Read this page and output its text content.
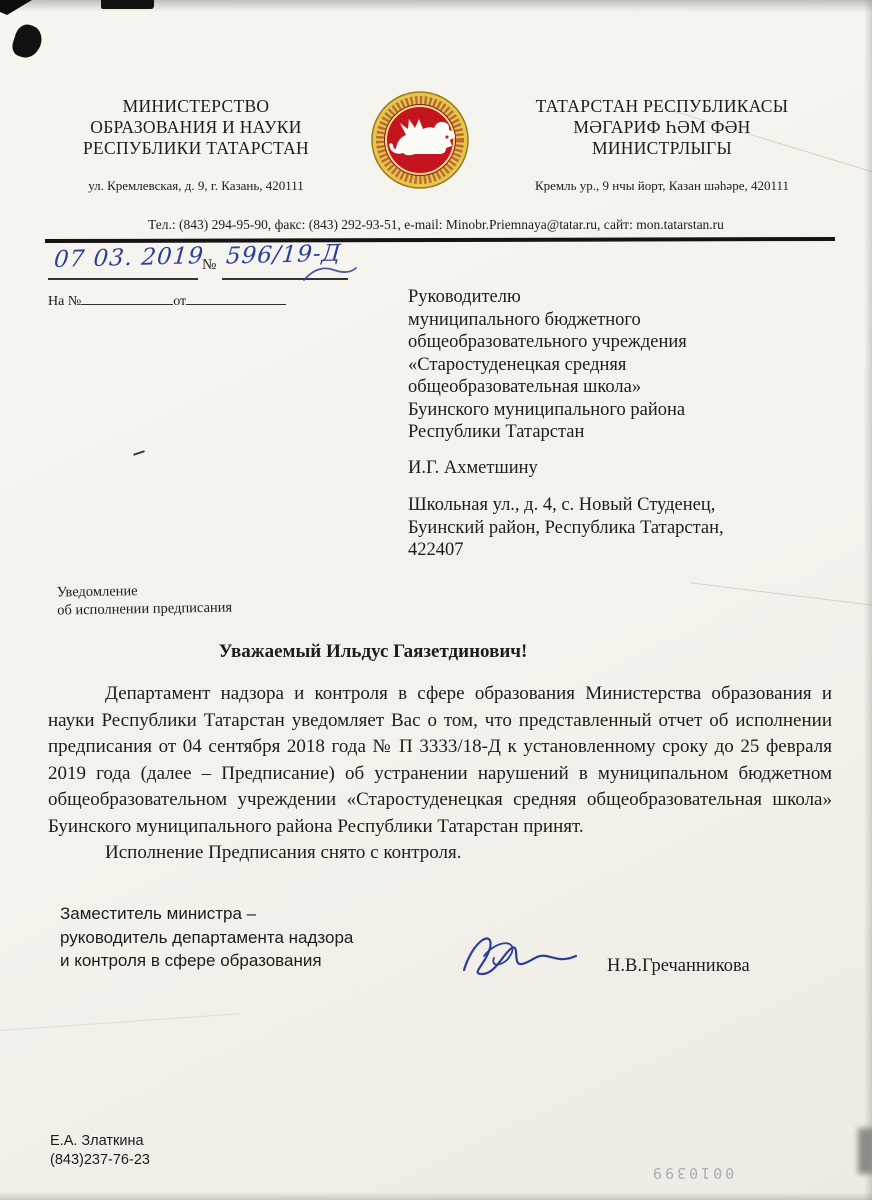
МИНИСТЕРСТВО
ОБРАЗОВАНИЯ И НАУКИ
РЕСПУБЛИКИ ТАТАРСТАН
ул. Кремлевская, д. 9, г. Казань, 420111
ТАТАРСТАН РЕСПУБЛИКАСЫ
МӘГАРИФ ҺӘМ ФӘН
МИНИСТРЛЫГЫ
Кремль ур., 9 нчы йорт, Казан шәһәре, 420111
Тел.: (843) 294-95-90, факс: (843) 292-93-51, e-mail: Minobr.Priemnaya@tatar.ru, сайт: mon.tatarstan.ru
07 03. 2019
№ 596/19-Д
На №	от	Руководителю
муниципального бюджетного
общеобразовательного учреждения
«Старостуденецкая средняя
общеобразовательная школа»
Буинского муниципального района
Республики Татарстан
И.Г. Ахметшину
Школьная ул., д. 4, с. Новый Студенец,
Буинский район, Республика Татарстан,
422407
Уведомление
об исполнении предписания
Уважаемый Ильдус Гаязетдинович!

Департамент надзора и контроля в сфере образования Министерства образования и науки Республики Татарстан уведомляет Вас о том, что представленный отчет об исполнении предписания от 04 сентября 2018 года № П 3333/18-Д к установленному сроку до 25 февраля 2019 года (далее – Предписание) об устранении нарушений в муниципальном бюджетном общеобразовательном учреждении «Старостуденецкая средняя общеобразовательная школа» Буинского муниципального района Республики Татарстан принят.

Исполнение Предписания снято с контроля.

Заместитель министра –
руководитель департамента надзора
и контроля в сфере образования	Н.В.Гречанникова
Е.А. Златкина
(843)237-76-23
0010399
